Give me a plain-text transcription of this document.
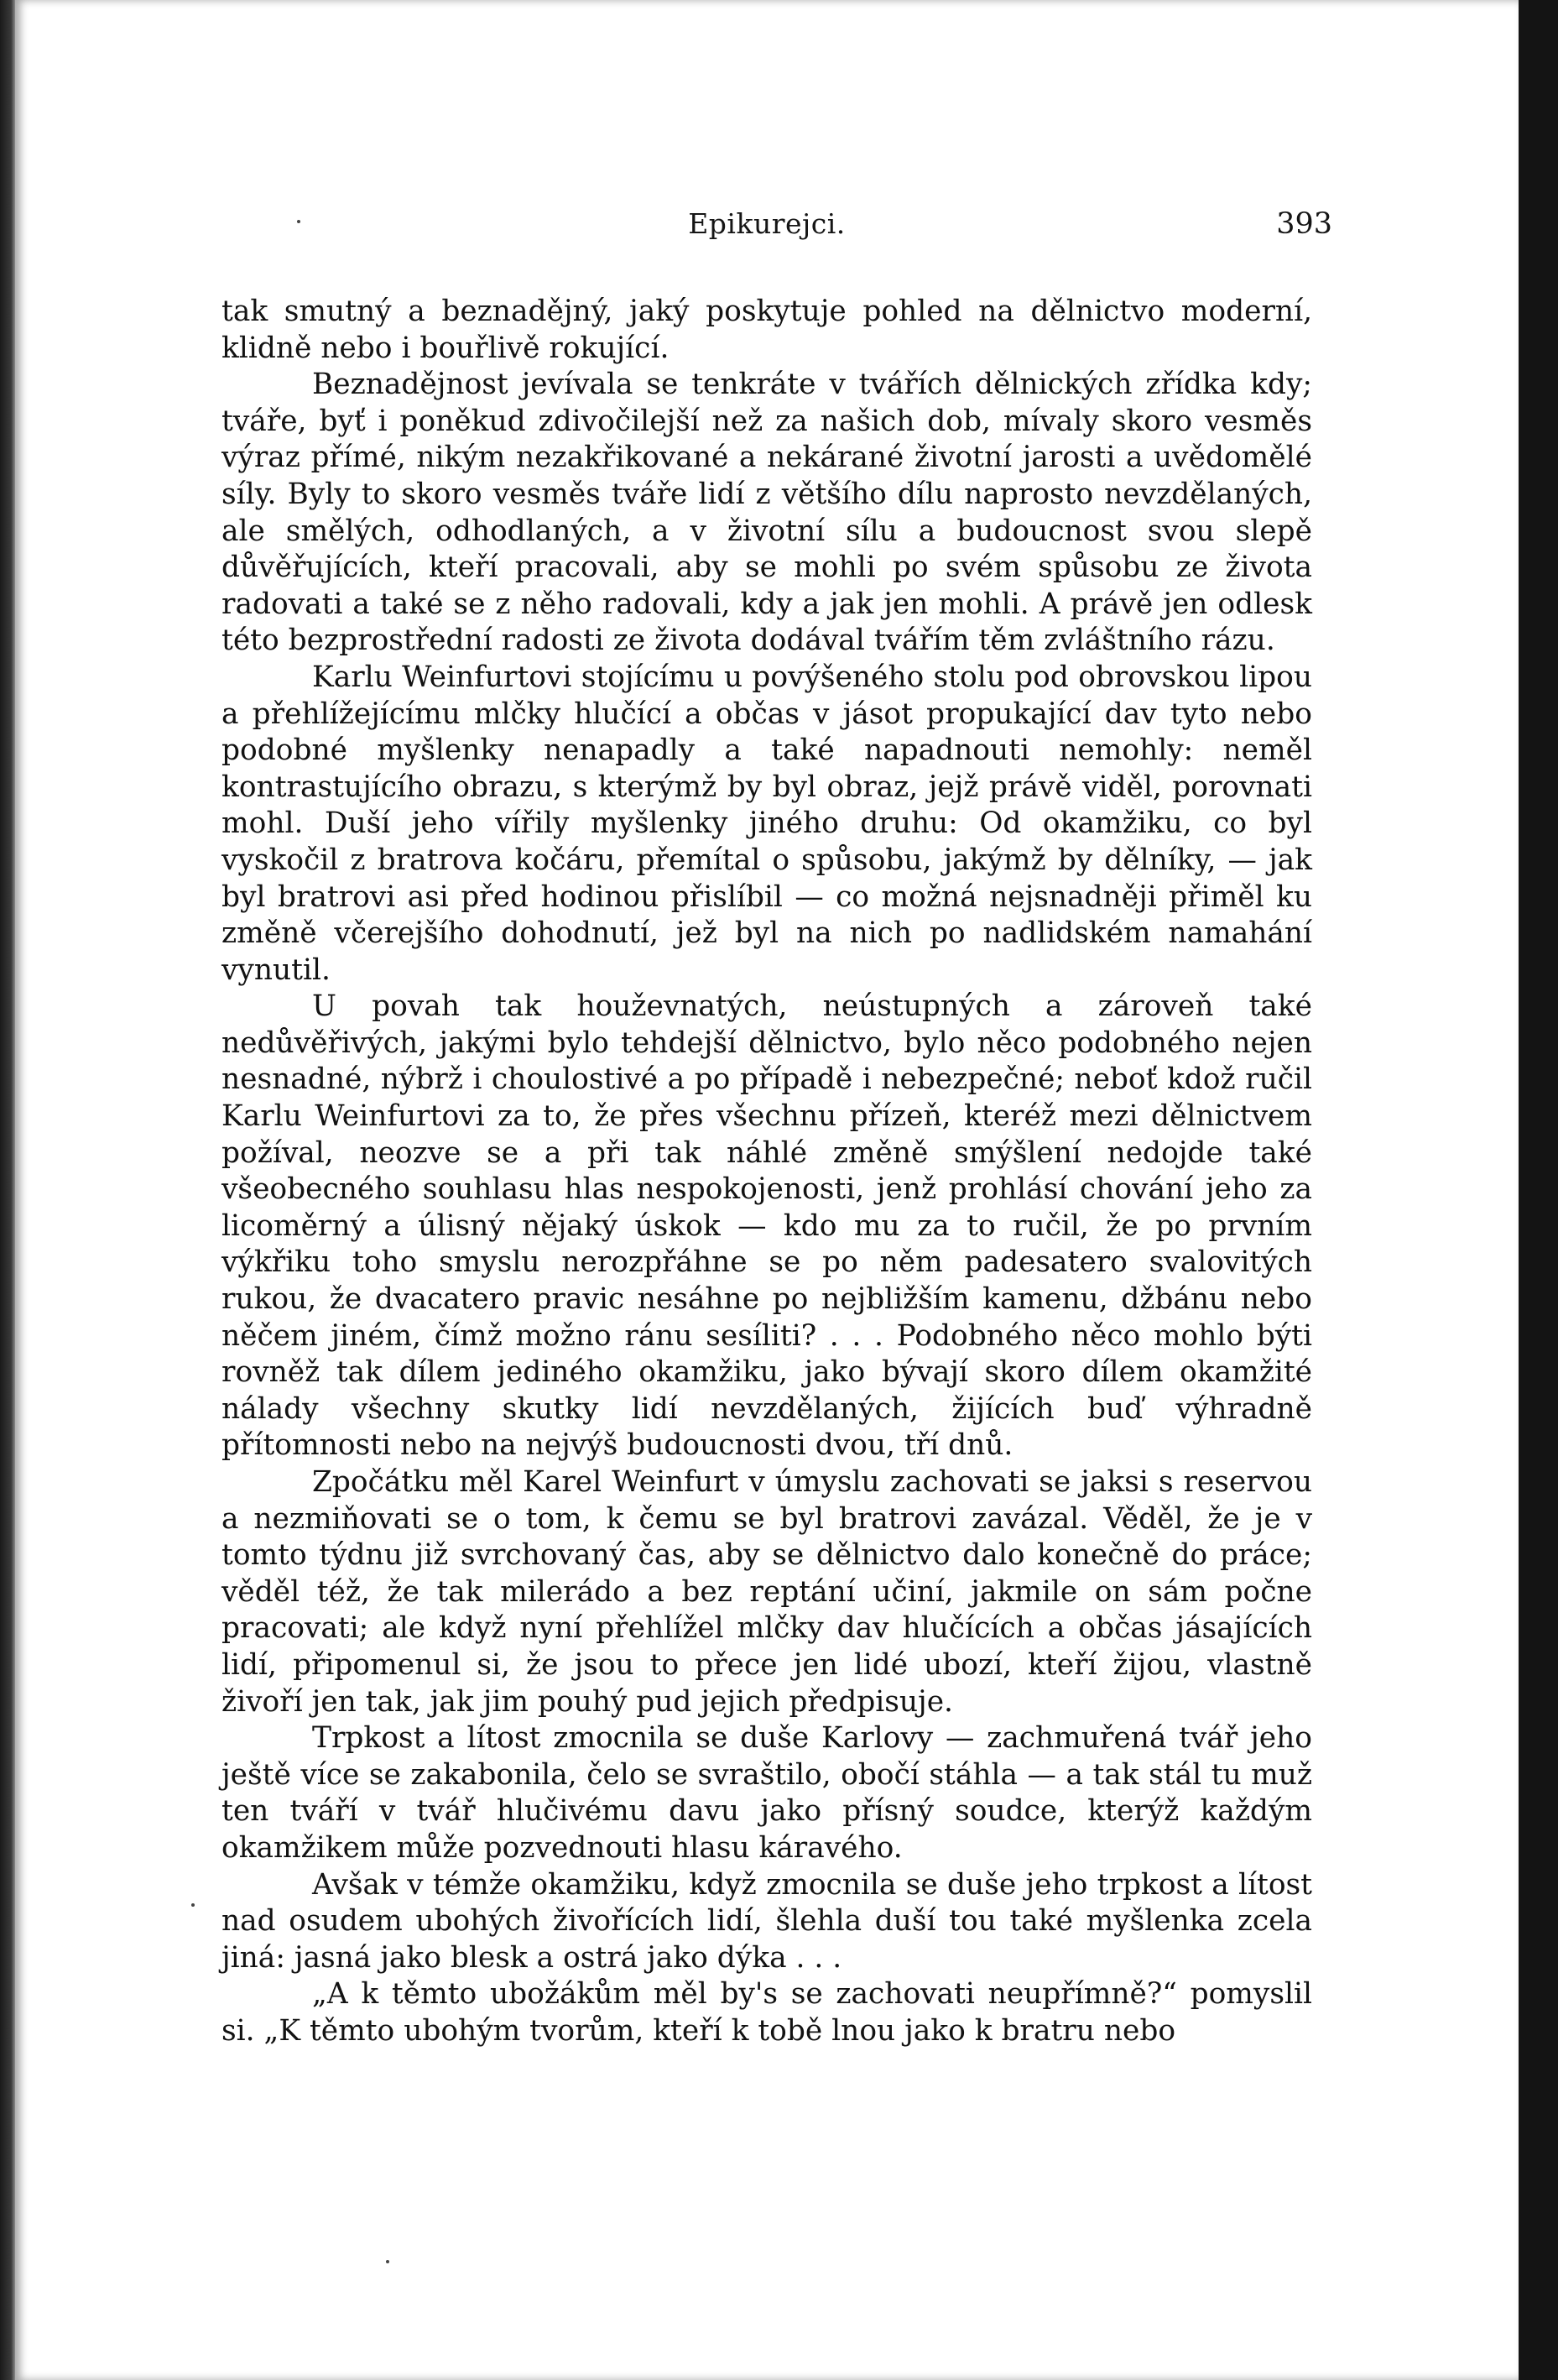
Epikurejci.	393

tak smutný a beznadějný, jaký poskytuje pohled na dělnictvo moderní, klidně nebo i bouřlivě rokující.

Beznadějnost jevívala se tenkráte v tvářích dělnických zřídka kdy; tváře, byť i poněkud zdivočilejší než za našich dob, mívaly skoro vesměs výraz přímé, nikým nezakřikované a nekárané životní jarosti a uvědomělé síly. Byly to skoro vesměs tváře lidí z většího dílu naprosto nevzdělaných, ale smělých, odhodlaných, a v životní sílu a budoucnost svou slepě důvěřujících, kteří pracovali, aby se mohli po svém spůsobu ze života radovati a také se z něho radovali, kdy a jak jen mohli. A právě jen odlesk této bezprostřední radosti ze života dodával tvářím těm zvláštního rázu.

Karlu Weinfurtovi stojícímu u povýšeného stolu pod obrovskou lipou a přehlížejícímu mlčky hlučící a občas v jásot propukající dav tyto nebo podobné myšlenky nenapadly a také napadnouti nemohly: neměl kontrastujícího obrazu, s kterýmž by byl obraz, jejž právě viděl, porovnati mohl. Duší jeho vířily myšlenky jiného druhu: Od okamžiku, co byl vyskočil z bratrova kočáru, přemítal o spůsobu, jakýmž by dělníky, — jak byl bratrovi asi před hodinou přislíbil — co možná nejsnadněji přiměl ku změně včerejšího dohodnutí, jež byl na nich po nadlidském namahání vynutil.

U povah tak houževnatých, neústupných a zároveň také nedůvěřivých, jakými bylo tehdejší dělnictvo, bylo něco podobného nejen nesnadné, nýbrž i choulostivé a po případě i nebezpečné; neboť kdož ručil Karlu Weinfurtovi za to, že přes všechnu přízeň, kteréž mezi dělnictvem požíval, neozve se a při tak náhlé změně smýšlení nedojde také všeobecného souhlasu hlas nespokojenosti, jenž prohlásí chování jeho za licoměrný a úlisný nějaký úskok — kdo mu za to ručil, že po prvním výkřiku toho smyslu nerozpřáhne se po něm padesatero svalovitých rukou, že dvacatero pravic nesáhne po nejbližším kamenu, džbánu nebo něčem jiném, čímž možno ránu sesíliti? . . . Podobného něco mohlo býti rovněž tak dílem jediného okamžiku, jako bývají skoro dílem okamžité nálady všechny skutky lidí nevzdělaných, žijících buď výhradně přítomnosti nebo na nejvýš budoucnosti dvou, tří dnů.

Zpočátku měl Karel Weinfurt v úmyslu zachovati se jaksi s reservou a nezmiňovati se o tom, k čemu se byl bratrovi zavázal. Věděl, že je v tomto týdnu již svrchovaný čas, aby se dělnictvo dalo konečně do práce; věděl též, že tak milerádo a bez reptání učiní, jakmile on sám počne pracovati; ale když nyní přehlížel mlčky dav hlučících a občas jásajících lidí, připomenul si, že jsou to přece jen lidé ubozí, kteří žijou, vlastně živoří jen tak, jak jim pouhý pud jejich předpisuje.

Trpkost a lítost zmocnila se duše Karlovy — zachmuřená tvář jeho ještě více se zakabonila, čelo se svraštilo, obočí stáhla — a tak stál tu muž ten tváří v tvář hlučivému davu jako přísný soudce, kterýž každým okamžikem může pozvednouti hlasu káravého.

Avšak v témže okamžiku, když zmocnila se duše jeho trpkost a lítost nad osudem ubohých živořících lidí, šlehla duší tou také myšlenka zcela jiná: jasná jako blesk a ostrá jako dýka . . .

„A k těmto ubožákům měl by's se zachovati neupřímně?“ pomyslil si. „K těmto ubohým tvorům, kteří k tobě lnou jako k bratru nebo
